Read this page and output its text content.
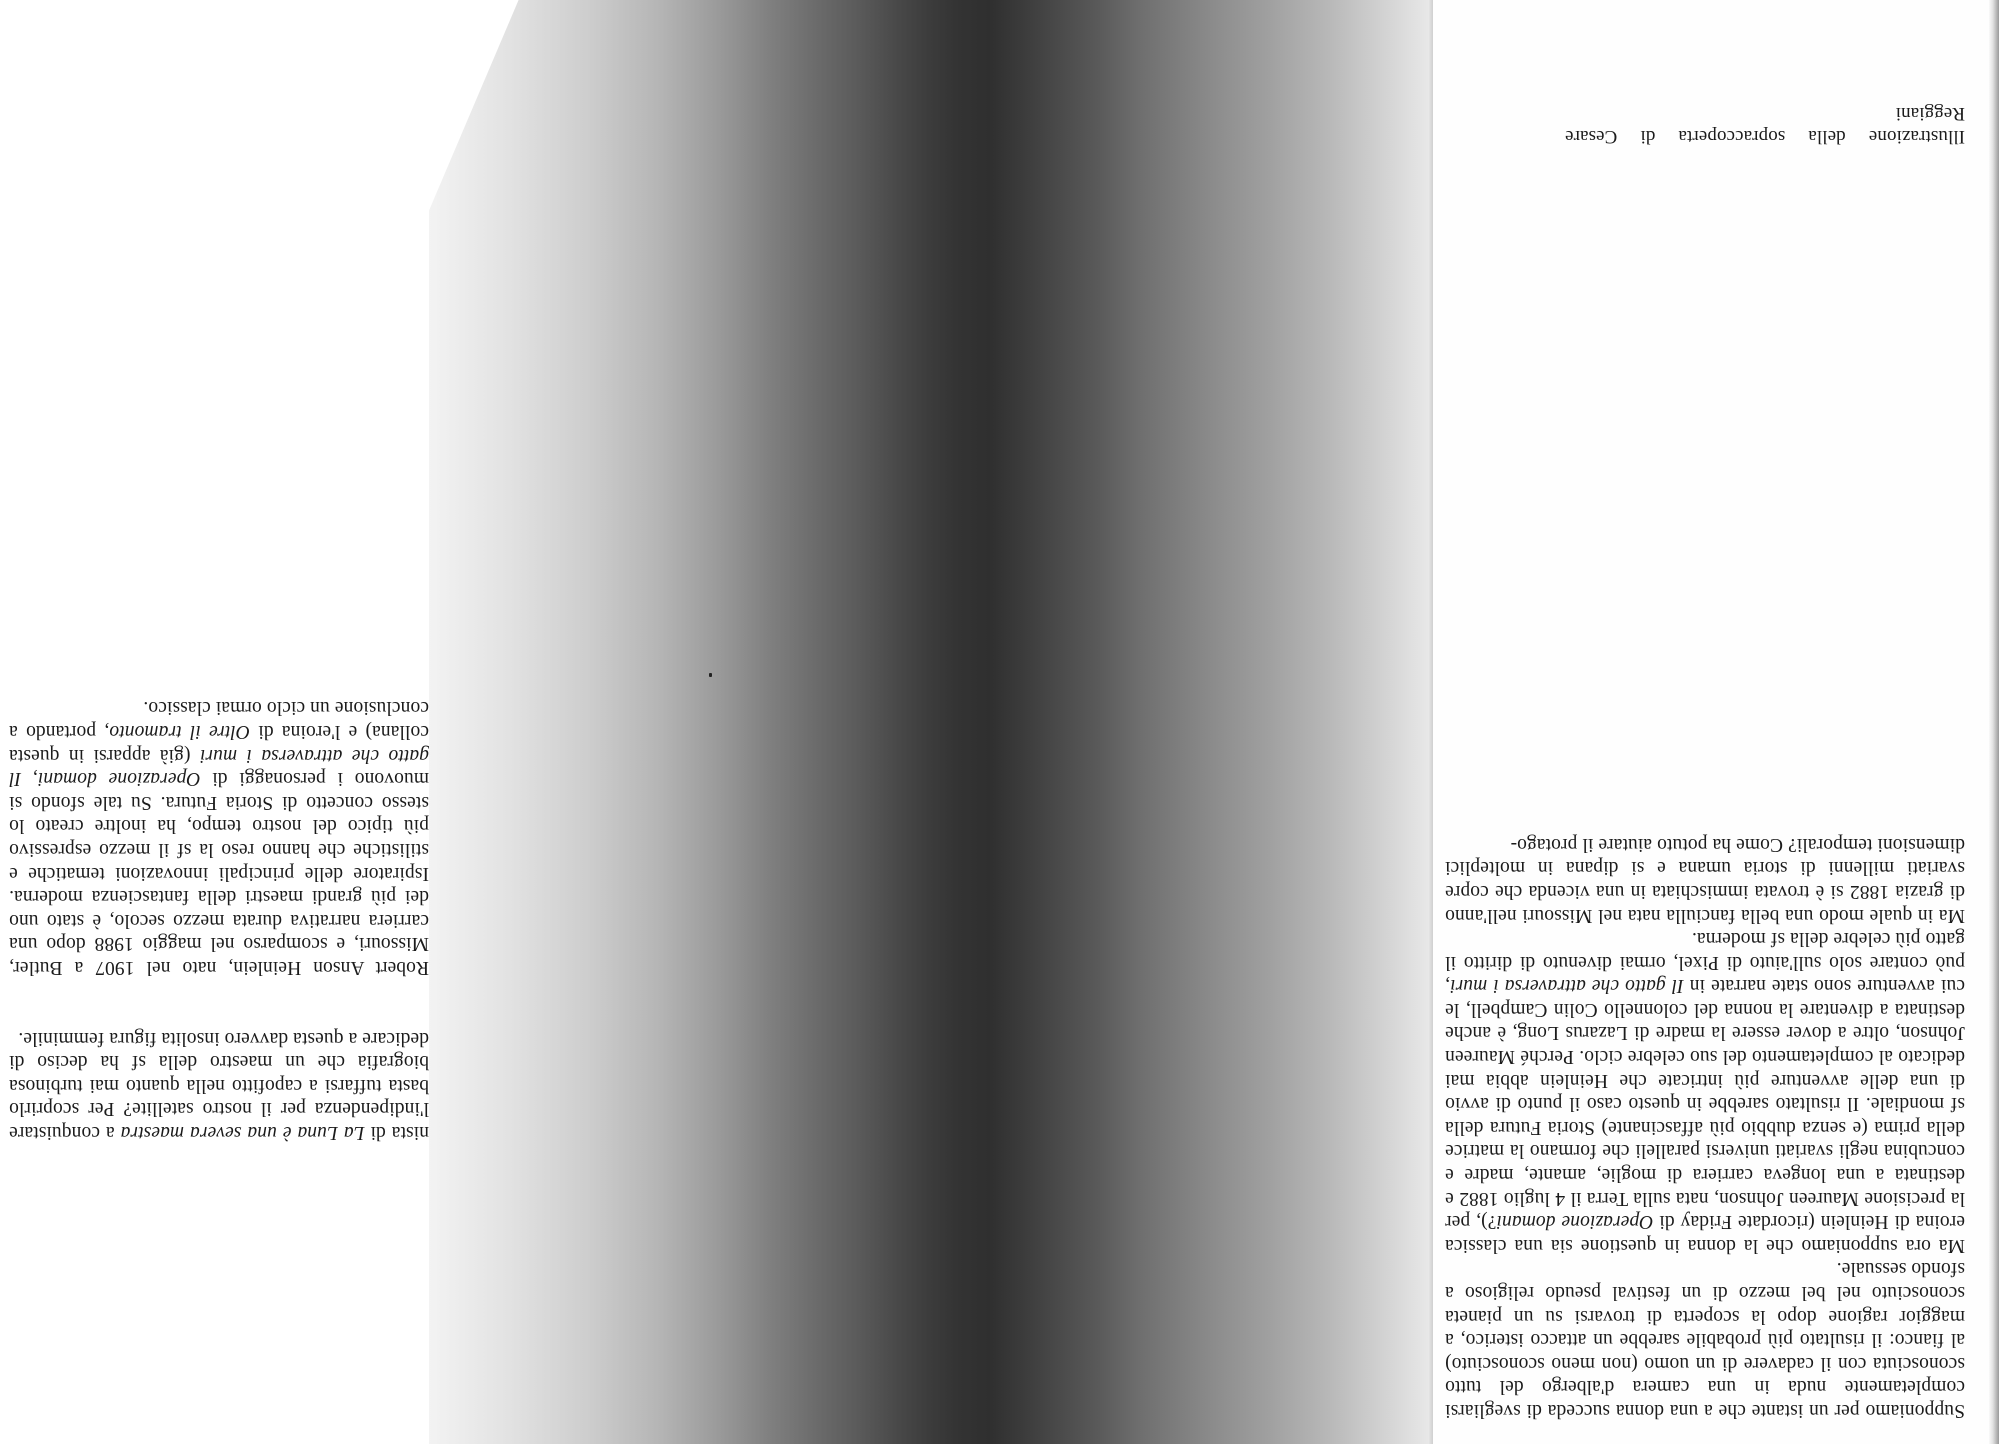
Supponiamo per un istante che a una donna succeda di svegliarsi completamente nuda in una camera d'albergo del tutto sconosciuta con il cadavere di un uomo (non meno sconosciuto) al fianco: il risultato più probabile sarebbe un attacco isterico, a maggior ragione dopo la scoperta di trovarsi su un pianeta sconosciuto nel bel mezzo di un festival pseudo religioso a sfondo sessuale.

Ma ora supponiamo che la donna in questione sia una classica eroina di Heinlein (ricordate Friday di Operazione domani?), per la precisione Maureen Johnson, nata sulla Terra il 4 luglio 1882 e destinata a una longeva carriera di moglie, amante, madre e concubina negli svariati universi paralleli che formano la matrice della prima (e senza dubbio più affascinante) Storia Futura della sf mondiale. Il risultato sarebbe in questo caso il punto di avvio di una delle avventure più intricate che Heinlein abbia mai dedicato al completamento del suo celebre ciclo. Perché Maureen Johnson, oltre a dover essere la madre di Lazarus Long, è anche destinata a diventare la nonna del colonnello Colin Campbell, le cui avventure sono state narrate in Il gatto che attraversa i muri, può contare solo sull'aiuto di Pixel, ormai divenuto di diritto il gatto più celebre della sf moderna.

Ma in quale modo una bella fanciulla nata nel Missouri nell'anno di grazia 1882 si è trovata immischiata in una vicenda che copre svariati millenni di storia umana e si dipana in molteplici dimensioni temporali? Come ha potuto aiutare il protago-

Illustrazione della sopraccoperta di Cesare Reggiani

nista di La Luna è una severa maestra a conquistare l'indipendenza per il nostro satellite? Per scoprirlo basta tuffarsi a capofitto nella quanto mai turbinosa biografia che un maestro della sf ha deciso di dedicare a questa davvero insolita figura femminile.

Robert Anson Heinlein, nato nel 1907 a Butler, Missouri, e scomparso nel maggio 1988 dopo una carriera narrativa durata mezzo secolo, è stato uno dei più grandi maestri della fantascienza moderna. Ispiratore delle principali innovazioni tematiche e stilistiche che hanno reso la sf il mezzo espressivo più tipico del nostro tempo, ha inoltre creato lo stesso concetto di Storia Futura. Su tale sfondo si muovono i personaggi di Operazione domani, Il gatto che attraversa i muri (già apparsi in questa collana) e l'eroina di Oltre il tramonto, portando a conclusione un ciclo ormai classico.
